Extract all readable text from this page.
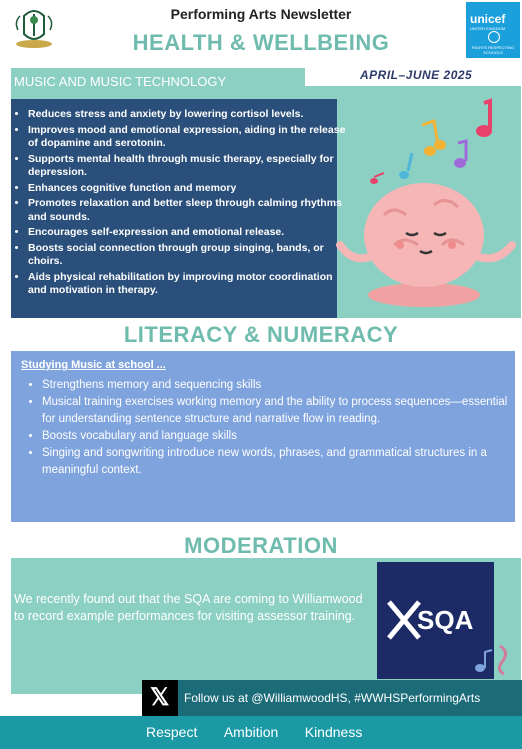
Performing Arts Newsletter
HEALTH & WELLBEING
unicef
UNITED KINGDOM
RIGHTS RESPECTING SCHOOLS
MUSIC AND MUSIC TECHNOLOGY	APRIL–JUNE 2025
• Reduces stress and anxiety by lowering cortisol levels.
• Improves mood and emotional expression, aiding in the release of dopamine and serotonin.
• Supports mental health through music therapy, especially for depression.
• Enhances cognitive function and memory
• Promotes relaxation and better sleep through calming rhythms and sounds.
• Encourages self-expression and emotional release.
• Boosts social connection through group singing, bands, or choirs.
• Aids physical rehabilitation by improving motor coordination and motivation in therapy.
LITERACY & NUMERACY
Studying Music at school ...
• Strengthens memory and sequencing skills
• Musical training exercises working memory and the ability to process sequences—essential for understanding sentence structure and narrative flow in reading.
• Boosts vocabulary and language skills
• Singing and songwriting introduce new words, phrases, and grammatical structures in a meaningful context.
MODERATION
We recently found out that the SQA are coming to Williamwood to record example performances for visiting assessor training.	SQA
𝕏 Follow us at @WilliamwoodHS, #WWHSPerformingArts
Respect Ambition Kindness
